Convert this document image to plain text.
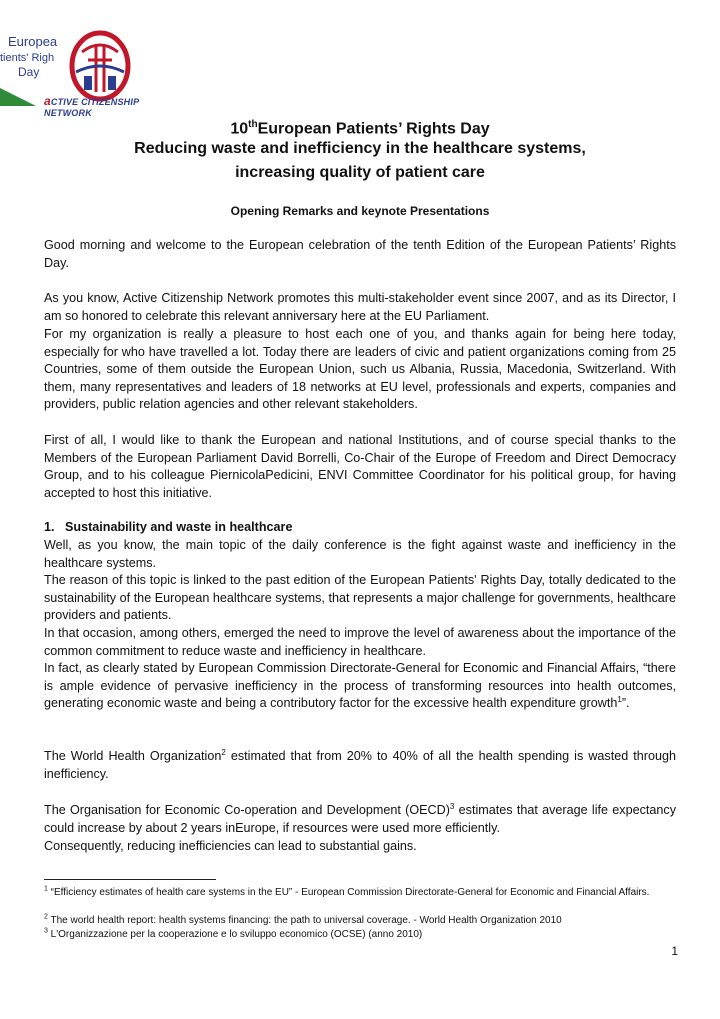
Europea
tients' Righ
Day
aCTIVE CITIZENSHIP NETWORK
10thEuropean Patients’ Rights Day
Reducing waste and inefficiency in the healthcare systems,
increasing quality of patient care
Opening Remarks and keynote Presentations
Good morning and welcome to the European celebration of the tenth Edition of the European Patients’ Rights Day.
As you know, Active Citizenship Network promotes this multi-stakeholder event since 2007, and as its Director, I am so honored to celebrate this relevant anniversary here at the EU Parliament.
For my organization is really a pleasure to host each one of you, and thanks again for being here today, especially for who have travelled a lot. Today there are leaders of civic and patient organizations coming from 25 Countries, some of them outside the European Union, such us Albania, Russia, Macedonia, Switzerland. With them, many representatives and leaders of 18 networks at EU level, professionals and experts, companies and providers, public relation agencies and other relevant stakeholders.
First of all, I would like to thank the European and national Institutions, and of course special thanks to the Members of the European Parliament David Borrelli, Co-Chair of the Europe of Freedom and Direct Democracy Group, and to his colleague PiernicolaPedicini, ENVI Committee Coordinator for his political group, for having accepted to host this initiative.
1.   Sustainability and waste in healthcare
Well, as you know, the main topic of the daily conference is the fight against waste and inefficiency in the healthcare systems.
The reason of this topic is linked to the past edition of the European Patients' Rights Day, totally dedicated to the sustainability of the European healthcare systems, that represents a major challenge for governments, healthcare providers and patients.
In that occasion, among others, emerged the need to improve the level of awareness about the importance of the common commitment to reduce waste and inefficiency in healthcare.
In fact, as clearly stated by European Commission Directorate-General for Economic and Financial Affairs, “there is ample evidence of pervasive inefficiency in the process of transforming resources into health outcomes, generating economic waste and being a contributory factor for the excessive health expenditure growth$^1$”.
The World Health Organization$^2$ estimated that from 20% to 40% of all the health spending is wasted through inefficiency.
The Organisation for Economic Co-operation and Development (OECD)$^3$ estimates that average life expectancy could increase by about 2 years inEurope, if resources were used more efficiently.
Consequently, reducing inefficiencies can lead to substantial gains.
$^1$ “Efficiency estimates of health care systems in the EU” - European Commission Directorate-General for Economic and Financial Affairs.
$^2$ The world health report: health systems financing: the path to universal coverage. - World Health Organization 2010
$^3$ L'Organizzazione per la cooperazione e lo sviluppo economico (OCSE) (anno 2010)
1
